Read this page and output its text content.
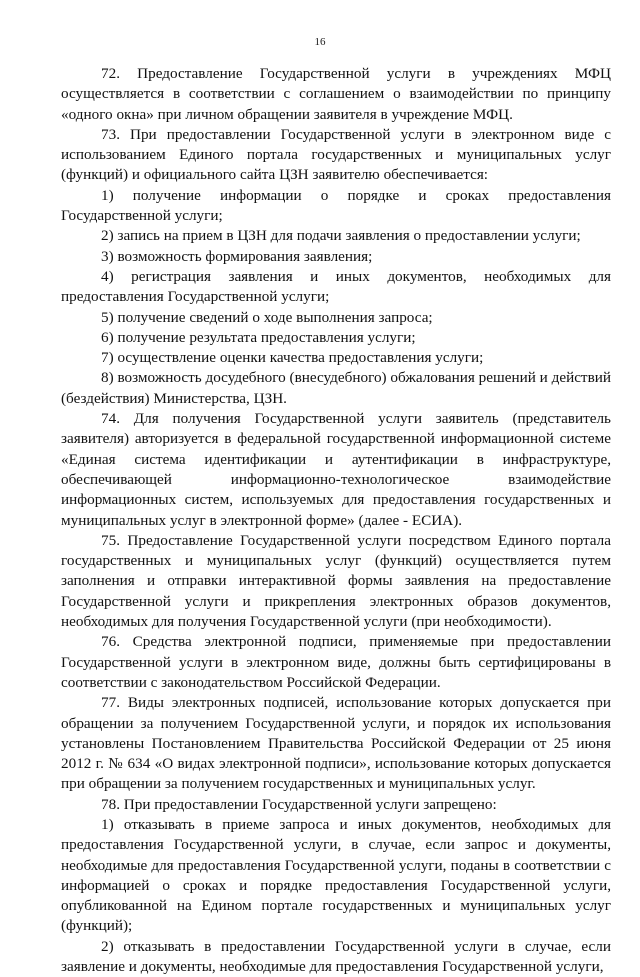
16

72. Предоставление Государственной услуги в учреждениях МФЦ осуществляется в соответствии с соглашением о взаимодействии по принципу «одного окна» при личном обращении заявителя в учреждение МФЦ.

73. При предоставлении Государственной услуги в электронном виде с использованием Единого портала государственных и муниципальных услуг (функций) и официального сайта ЦЗН заявителю обеспечивается:

1) получение информации о порядке и сроках предоставления Государственной услуги;

2) запись на прием в ЦЗН для подачи заявления о предоставлении услуги;

3) возможность формирования заявления;

4) регистрация заявления и иных документов, необходимых для предоставления Государственной услуги;

5) получение сведений о ходе выполнения запроса;

6) получение результата предоставления услуги;

7) осуществление оценки качества предоставления услуги;

8) возможность досудебного (внесудебного) обжалования решений и действий (бездействия) Министерства, ЦЗН.

74. Для получения Государственной услуги заявитель (представитель заявителя) авторизуется в федеральной государственной информационной системе «Единая система идентификации и аутентификации в инфраструктуре, обеспечивающей информационно-технологическое взаимодействие информационных систем, используемых для предоставления государственных и муниципальных услуг в электронной форме» (далее - ЕСИА).

75. Предоставление Государственной услуги посредством Единого портала государственных и муниципальных услуг (функций) осуществляется путем заполнения и отправки интерактивной формы заявления на предоставление Государственной услуги и прикрепления электронных образов документов, необходимых для получения Государственной услуги (при необходимости).

76. Средства электронной подписи, применяемые при предоставлении Государственной услуги в электронном виде, должны быть сертифицированы в соответствии с законодательством Российской Федерации.

77. Виды электронных подписей, использование которых допускается при обращении за получением Государственной услуги, и порядок их использования установлены Постановлением Правительства Российской Федерации от 25 июня 2012 г. № 634 «О видах электронной подписи», использование которых допускается при обращении за получением государственных и муниципальных услуг.

78. При предоставлении Государственной услуги запрещено:

1) отказывать в приеме запроса и иных документов, необходимых для предоставления Государственной услуги, в случае, если запрос и документы, необходимые для предоставления Государственной услуги, поданы в соответствии с информацией о сроках и порядке предоставления Государственной услуги, опубликованной на Едином портале государственных и муниципальных услуг (функций);

2) отказывать в предоставлении Государственной услуги в случае, если заявление и документы, необходимые для предоставления Государственной услуги,
